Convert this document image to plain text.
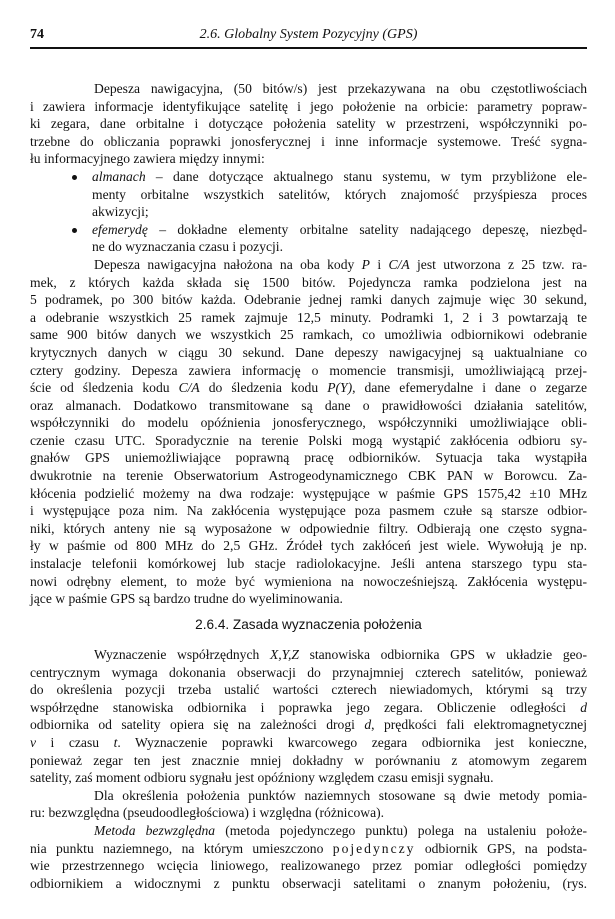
74	2.6. Globalny System Pozycyjny (GPS)
Depesza nawigacyjna, (50 bitów/s) jest przekazywana na obu częstotliwościach
i zawiera informacje identyfikujące satelitę i jego położenie na orbicie: parametry popraw-
ki zegara, dane orbitalne i dotyczące położenia satelity w przestrzeni, współczynniki po-
trzebne do obliczania poprawki jonosferycznej i inne informacje systemowe. Treść sygna-
łu informacyjnego zawiera między innymi:
almanach – dane dotyczące aktualnego stanu systemu, w tym przybliżone ele-
menty orbitalne wszystkich satelitów, których znajomość przyśpiesza proces
akwizycji;
efemerydę – dokładne elementy orbitalne satelity nadającego depeszę, niezbęd-
ne do wyznaczania czasu i pozycji.
Depesza nawigacyjna nałożona na oba kody P i C/A jest utworzona z 25 tzw. ra-
mek, z których każda składa się 1500 bitów. Pojedyncza ramka podzielona jest na
5 podramek, po 300 bitów każda. Odebranie jednej ramki danych zajmuje więc 30 sekund,
a odebranie wszystkich 25 ramek zajmuje 12,5 minuty. Podramki 1, 2 i 3 powtarzają te
same 900 bitów danych we wszystkich 25 ramkach, co umożliwia odbiornikowi odebranie
krytycznych danych w ciągu 30 sekund. Dane depeszy nawigacyjnej są uaktualniane co
cztery godziny. Depesza zawiera informację o momencie transmisji, umożliwiającą przej-
ście od śledzenia kodu C/A do śledzenia kodu P(Y), dane efemerydalne i dane o zegarze
oraz almanach. Dodatkowo transmitowane są dane o prawidłowości działania satelitów,
współczynniki do modelu opóźnienia jonosferycznego, współczynniki umożliwiające obli-
czenie czasu UTC. Sporadycznie na terenie Polski mogą wystąpić zakłócenia odbioru sy-
gnałów GPS uniemożliwiające poprawną pracę odbiorników. Sytuacja taka wystąpiła
dwukrotnie na terenie Obserwatorium Astrogeodynamicznego CBK PAN w Borowcu. Za-
kłócenia podzielić możemy na dwa rodzaje: występujące w paśmie GPS 1575,42 ±10 MHz
i występujące poza nim. Na zakłócenia występujące poza pasmem czułe są starsze odbior-
niki, których anteny nie są wyposażone w odpowiednie filtry. Odbierają one często sygna-
ły w paśmie od 800 MHz do 2,5 GHz. Źródeł tych zakłóceń jest wiele. Wywołują je np.
instalacje telefonii komórkowej lub stacje radiolokacyjne. Jeśli antena starszego typu sta-
nowi odrębny element, to może być wymieniona na nowocześniejszą. Zakłócenia występu-
jące w paśmie GPS są bardzo trudne do wyeliminowania.
2.6.4. Zasada wyznaczenia położenia
Wyznaczenie współrzędnych X,Y,Z stanowiska odbiornika GPS w układzie geo-
centrycznym wymaga dokonania obserwacji do przynajmniej czterech satelitów, ponieważ
do określenia pozycji trzeba ustalić wartości czterech niewiadomych, którymi są trzy
współrzędne stanowiska odbiornika i poprawka jego zegara. Obliczenie odległości d
odbiornika od satelity opiera się na zależności drogi d, prędkości fali elektromagnetycznej
v i czasu t. Wyznaczenie poprawki kwarcowego zegara odbiornika jest konieczne,
ponieważ zegar ten jest znacznie mniej dokładny w porównaniu z atomowym zegarem
satelity, zaś moment odbioru sygnału jest opóźniony względem czasu emisji sygnału.
Dla określenia położenia punktów naziemnych stosowane są dwie metody pomia-
ru: bezwzględna (pseudoodległościowa) i względna (różnicowa).
Metoda bezwzględna (metoda pojedynczego punktu) polega na ustaleniu położe-
nia punktu naziemnego, na którym umieszczono pojedynczy odbiornik GPS, na podsta-
wie przestrzennego wcięcia liniowego, realizowanego przez pomiar odległości pomiędzy
odbiornikiem a widocznymi z punktu obserwacji satelitami o znanym położeniu, (rys.
